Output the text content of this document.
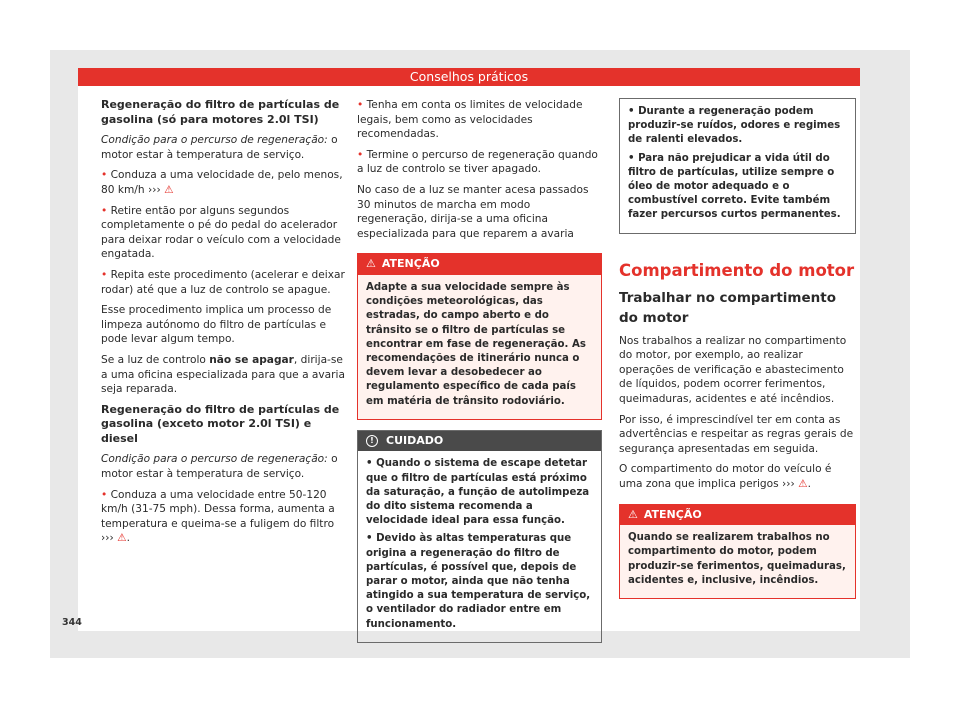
Conselhos práticos

Regeneração do filtro de partículas de gasolina (só para motores 2.0l TSI)

Condição para o percurso de regeneração: o motor estar à temperatura de serviço.

• Conduza a uma velocidade de, pelo menos, 80 km/h ››› ⚠

• Retire então por alguns segundos completamente o pé do pedal do acelerador para deixar rodar o veículo com a velocidade engatada.

• Repita este procedimento (acelerar e deixar rodar) até que a luz de controlo se apague.

Esse procedimento implica um processo de limpeza autónomo do filtro de partículas e pode levar algum tempo.

Se a luz de controlo não se apagar, dirija-se a uma oficina especializada para que a avaria seja reparada.

Regeneração do filtro de partículas de gasolina (exceto motor 2.0l TSI) e diesel

Condição para o percurso de regeneração: o motor estar à temperatura de serviço.

• Conduza a uma velocidade entre 50-120 km/h (31-75 mph). Dessa forma, aumenta a temperatura e queima-se a fuligem do filtro ››› ⚠.

• Tenha em conta os limites de velocidade legais, bem como as velocidades recomendadas.

• Termine o percurso de regeneração quando a luz de controlo se tiver apagado.

No caso de a luz se manter acesa passados 30 minutos de marcha em modo regeneração, dirija-se a uma oficina especializada para que reparem a avaria

⚠ ATENÇÃO

Adapte a sua velocidade sempre às condições meteorológicas, das estradas, do campo aberto e do trânsito se o filtro de partículas se encontrar em fase de regeneração. As recomendações de itinerário nunca o devem levar a desobedecer ao regulamento específico de cada país em matéria de trânsito rodoviário.

! CUIDADO

• Quando o sistema de escape detetar que o filtro de partículas está próximo da saturação, a função de autolimpeza do dito sistema recomenda a velocidade ideal para essa função.

• Devido às altas temperaturas que origina a regeneração do filtro de partículas, é possível que, depois de parar o motor, ainda que não tenha atingido a sua temperatura de serviço, o ventilador do radiador entre em funcionamento.

• Durante a regeneração podem produzir-se ruídos, odores e regimes de ralenti elevados.

• Para não prejudicar a vida útil do filtro de partículas, utilize sempre o óleo de motor adequado e o combustível correto. Evite também fazer percursos curtos permanentes.

Compartimento do motor

Trabalhar no compartimento do motor

Nos trabalhos a realizar no compartimento do motor, por exemplo, ao realizar operações de verificação e abastecimento de líquidos, podem ocorrer ferimentos, queimaduras, acidentes e até incêndios.

Por isso, é imprescindível ter em conta as advertências e respeitar as regras gerais de segurança apresentadas em seguida.

O compartimento do motor do veículo é uma zona que implica perigos ››› ⚠.

⚠ ATENÇÃO

Quando se realizarem trabalhos no compartimento do motor, podem produzir-se ferimentos, queimaduras, acidentes e, inclusive, incêndios.

344
